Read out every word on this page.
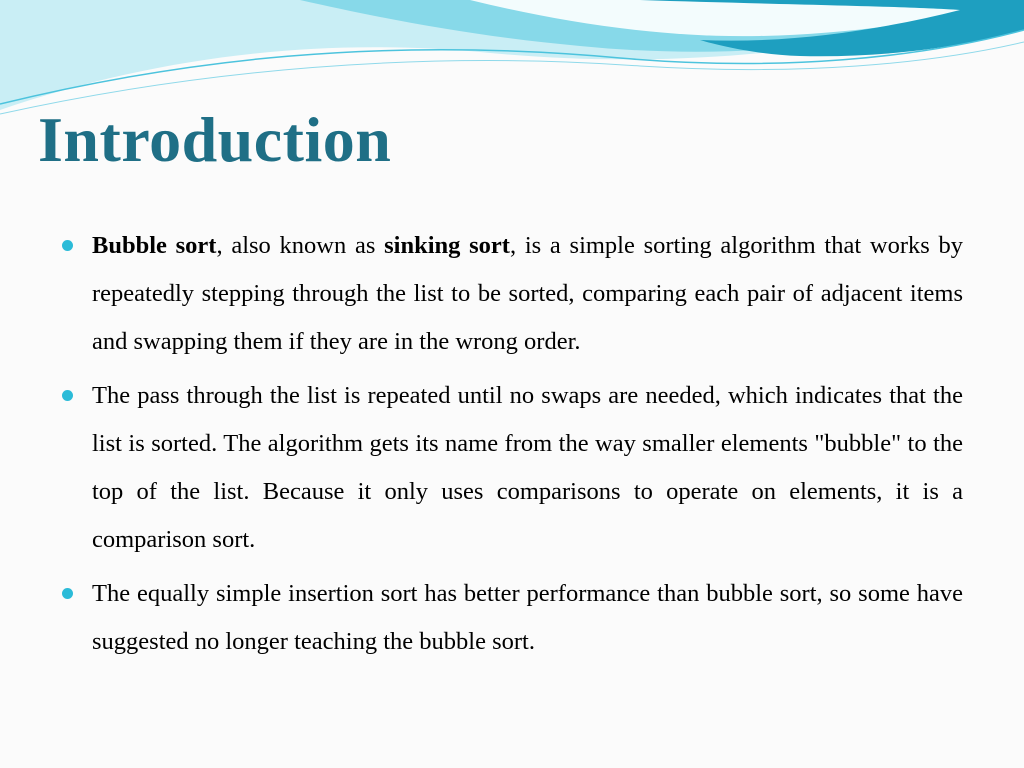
Introduction
Bubble sort, also known as sinking sort, is a simple sorting algorithm that works by repeatedly stepping through the list to be sorted, comparing each pair of adjacent items and swapping them if they are in the wrong order.
The pass through the list is repeated until no swaps are needed, which indicates that the list is sorted. The algorithm gets its name from the way smaller elements "bubble" to the top of the list. Because it only uses comparisons to operate on elements, it is a comparison sort.
The equally simple insertion sort has better performance than bubble sort, so some have suggested no longer teaching the bubble sort.
